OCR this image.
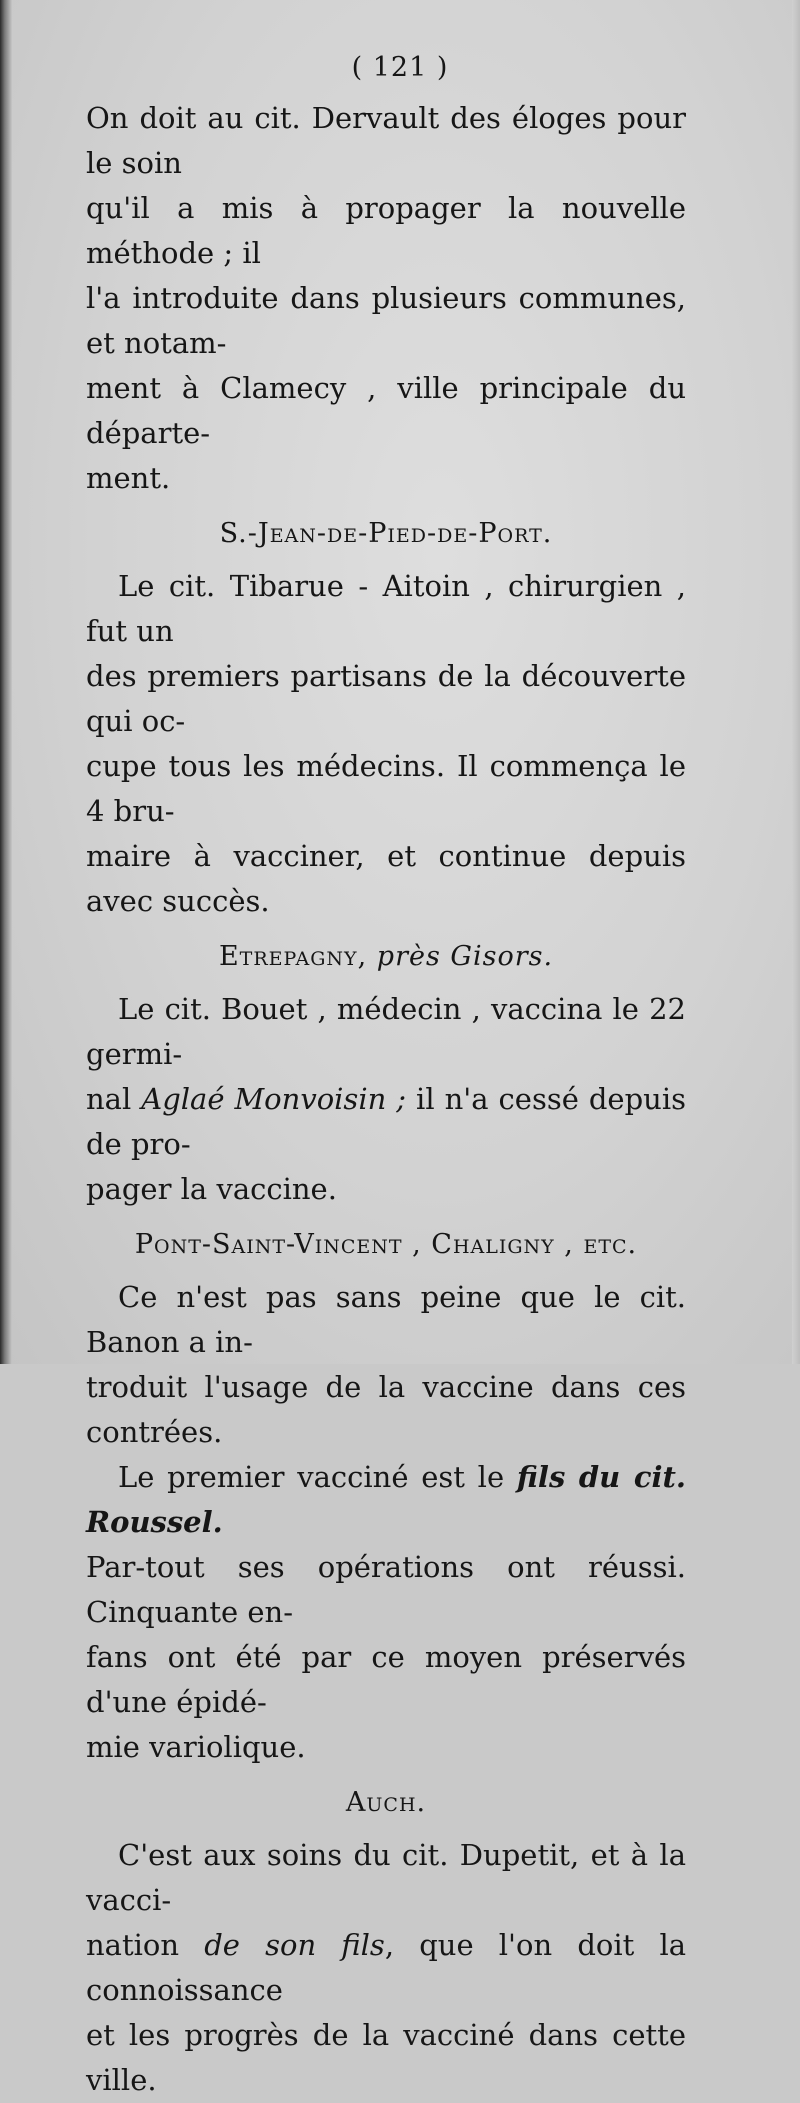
( 121 )

On doit au cit. Dervault des éloges pour le soin
qu'il a mis à propager la nouvelle méthode ; il
l'a introduite dans plusieurs communes, et notam-
ment à Clamecy , ville principale du départe-
ment.

S.-Jean-de-Pied-de-Port.

Le cit. Tibarue - Aitoin , chirurgien , fut un
des premiers partisans de la découverte qui oc-
cupe tous les médecins. Il commença le 4 bru-
maire à vacciner, et continue depuis avec succès.

Etrepagny, près Gisors.

Le cit. Bouet , médecin , vaccina le 22 germi-
nal Aglaé Monvoisin ; il n'a cessé depuis de pro-
pager la vaccine.

Pont-Saint-Vincent , Chaligny , etc.

Ce n'est pas sans peine que le cit. Banon a in-
troduit l'usage de la vaccine dans ces contrées.

Le premier vacciné est le fils du cit. Roussel.
Par-tout ses opérations ont réussi. Cinquante en-
fans ont été par ce moyen préservés d'une épidé-
mie variolique.

Auch.

C'est aux soins du cit. Dupetit, et à la vacci-
nation de son fils, que l'on doit la connoissance
et les progrès de la vacciné dans cette ville.
